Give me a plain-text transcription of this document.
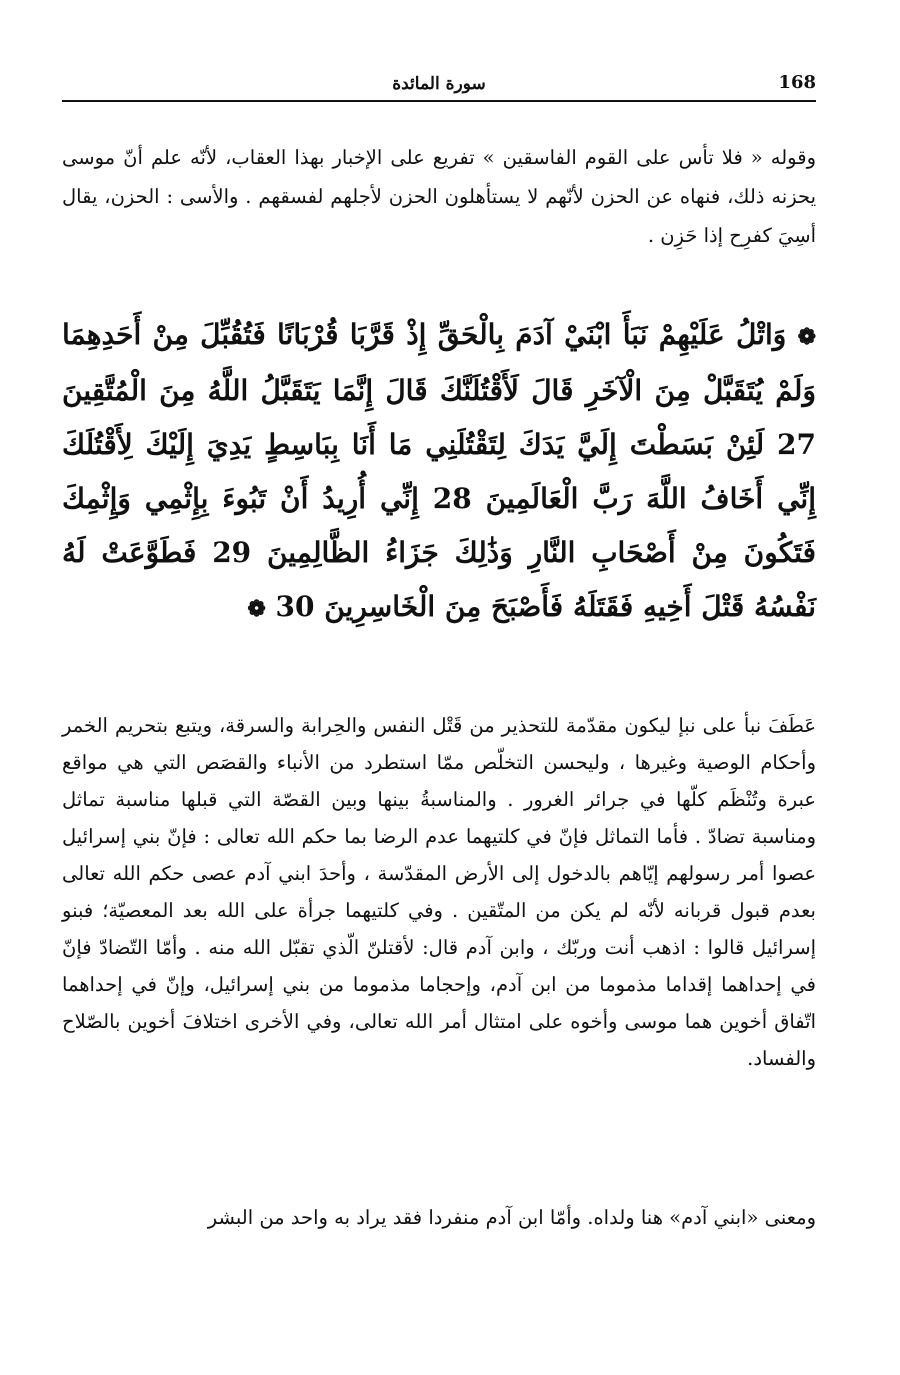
168
سورة المائدة

وقوله « فلا تأس على القوم الفاسقين » تفريع على الإخبار بهذا العقاب، لأنّه علم أنّ موسى يحزنه ذلك، فنهاه عن الحزن لأنّهم لا يستأهلون الحزن لأجلهم لفسقهم . والأسى : الحزن، يقال أسِيَ كفرِح إذا حَزِن .

❁ وَاتْلُ عَلَيْهِمْ نَبَأَ ابْنَيْ آدَمَ بِالْحَقِّ إِذْ قَرَّبَا قُرْبَانًا فَتُقُبِّلَ مِنْ أَحَدِهِمَا وَلَمْ يُتَقَبَّلْ مِنَ الْآخَرِ قَالَ لَأَقْتُلَنَّكَ قَالَ إِنَّمَا يَتَقَبَّلُ اللَّهُ مِنَ الْمُتَّقِينَ 27 لَئِنْ بَسَطْتَ إِلَيَّ يَدَكَ لِتَقْتُلَنِي مَا أَنَا بِبَاسِطٍ يَدِيَ إِلَيْكَ لِأَقْتُلَكَ إِنِّي أَخَافُ اللَّهَ رَبَّ الْعَالَمِينَ 28 إِنِّي أُرِيدُ أَنْ تَبُوءَ بِإِثْمِي وَإِثْمِكَ فَتَكُونَ مِنْ أَصْحَابِ النَّارِ وَذَٰلِكَ جَزَاءُ الظَّالِمِينَ 29 فَطَوَّعَتْ لَهُ نَفْسُهُ قَتْلَ أَخِيهِ فَقَتَلَهُ فَأَصْبَحَ مِنَ الْخَاسِرِينَ 30 ❁

عَطَفَ نبأ على نبإ ليكون مقدّمة للتحذير من قَتْل النفس والحِرابة والسرقة، ويتبع بتحريم الخمر وأحكام الوصية وغيرها ، وليحسن التخلّص ممّا استطرد من الأنباء والقصَص التي هي مواقع عبرة وتُنْظَم كلّها في جرائر الغرور . والمناسبةُ بينها وبين القصّة التي قبلها مناسبة تماثل ومناسبة تضادّ . فأما التماثل فإنّ في كلتيهما عدم الرضا بما حكم الله تعالى : فإنّ بني إسرائيل عصوا أمر رسولهم إيّاهم بالدخول إلى الأرض المقدّسة ، وأحدَ ابني آدم عصى حكم الله تعالى بعدم قبول قربانه لأنّه لم يكن من المتّقين . وفي كلتيهما جرأة على الله بعد المعصيّة؛ فبنو إسرائيل قالوا : اذهب أنت وربّك ، وابن آدم قال: لأقتلنّ الّذي تقبّل الله منه . وأمّا التّضادّ فإنّ في إحداهما إقداما مذموما من ابن آدم، وإحجاما مذموما من بني إسرائيل، وإنّ في إحداهما اتّفاق أخوين هما موسى وأخوه على امتثال أمر الله تعالى، وفي الأخرى اختلافَ أخوين بالصّلاح والفساد.

ومعنى «ابني آدم» هنا ولداه. وأمّا ابن آدم منفردا فقد يراد به واحد من البشر
